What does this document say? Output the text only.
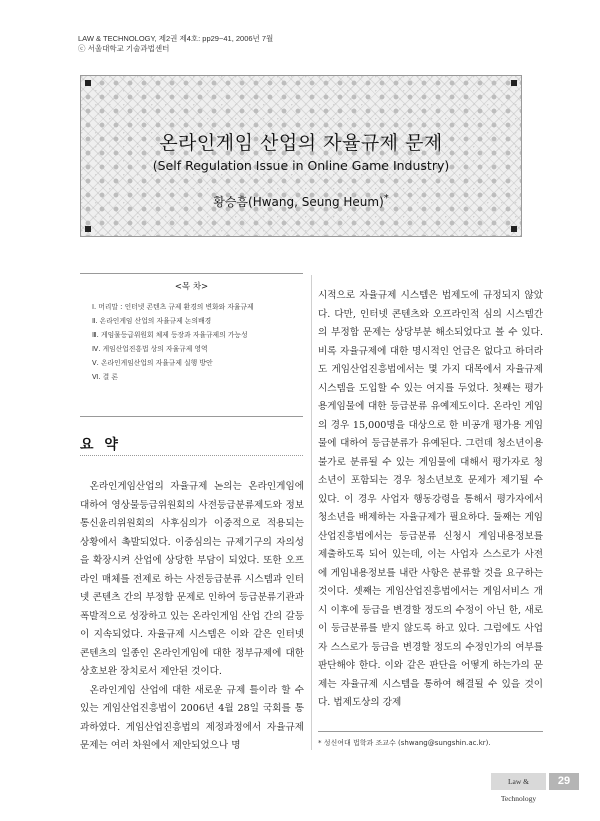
LAW & TECHNOLOGY, 제2권 제4호: pp29~41, 2006년 7월
ⓒ 서울대학교 기술과법센터
온라인게임 산업의 자율규제 문제
(Self Regulation Issue in Online Game Industry)
황승흠(Hwang, Seung Heum)*
<목 차>
Ⅰ. 머리말 : 인터넷 콘텐츠 규제 환경의 변화와 자율규제
Ⅱ. 온라인게임 산업의 자율규제 논의배경
Ⅲ. 게임물등급위원회 체제 등장과 자율규제의 가능성
Ⅳ. 게임산업진흥법 상의 자율규제 영역
Ⅴ. 온라인게임산업의 자율규제 실행 방안
Ⅵ. 결 론
요 약

온라인게임산업의 자율규제 논의는 온라인게임에 대하여 영상물등급위원회의 사전등급분류제도와 정보통신윤리위원회의 사후심의가 이중적으로 적용되는 상황에서 촉발되었다. 이중심의는 규제기구의 자의성을 확장시켜 산업에 상당한 부담이 되었다. 또한 오프라인 매체를 전제로 하는 사전등급분류 시스템과 인터넷 콘텐츠 간의 부정합 문제로 인하여 등급분류기관과 폭발적으로 성장하고 있는 온라인게임 산업 간의 갈등이 지속되었다. 자율규제 시스템은 이와 같은 인터넷 콘텐츠의 일종인 온라인게임에 대한 정부규제에 대한 상호보완 장치로서 제안된 것이다.

온라인게임 산업에 대한 새로운 규제 틀이라 할 수 있는 게임산업진흥법이 2006년 4월 28일 국회를 통과하였다. 게임산업진흥법의 제정과정에서 자율규제 문제는 여러 차원에서 제안되었으나 명

시적으로 자율규제 시스템은 법제도에 규정되지 않았다. 다만, 인터넷 콘텐츠와 오프라인적 심의 시스템간의 부정합 문제는 상당부분 해소되었다고 볼 수 있다. 비록 자율규제에 대한 명시적인 언급은 없다고 하더라도 게임산업진흥법에서는 몇 가지 대목에서 자율규제 시스템을 도입할 수 있는 여지를 두었다. 첫째는 평가용게임물에 대한 등급분류 유예제도이다. 온라인 게임의 경우 15,000명을 대상으로 한 비공개 평가용 게임물에 대하여 등급분류가 유예된다. 그런데 청소년이용불가로 분류될 수 있는 게임물에 대해서 평가자로 청소년이 포함되는 경우 청소년보호 문제가 제기될 수 있다. 이 경우 사업자 행동강령을 통해서 평가자에서 청소년을 배제하는 자율규제가 필요하다. 둘째는 게임산업진흥법에서는 등급분류 신청시 게임내용정보를 제출하도록 되어 있는데, 이는 사업자 스스로가 사전에 게임내용정보를 내란 사항은 분류할 것을 요구하는 것이다. 셋째는 게임산업진흥법에서는 게임서비스 개시 이후에 등급을 변경할 정도의 수정이 아닌 한, 새로이 등급분류를 받지 않도록 하고 있다. 그럼에도 사업자 스스로가 등급을 변경할 정도의 수정인가의 여부를 판단해야 한다. 이와 같은 판단을 어떻게 하는가의 문제는 자율규제 시스템을 통하여 해결될 수 있을 것이다. 법제도상의 강제

* 성신여대 법학과 조교수 (shwang@sungshin.ac.kr).
Law & Technology
29
